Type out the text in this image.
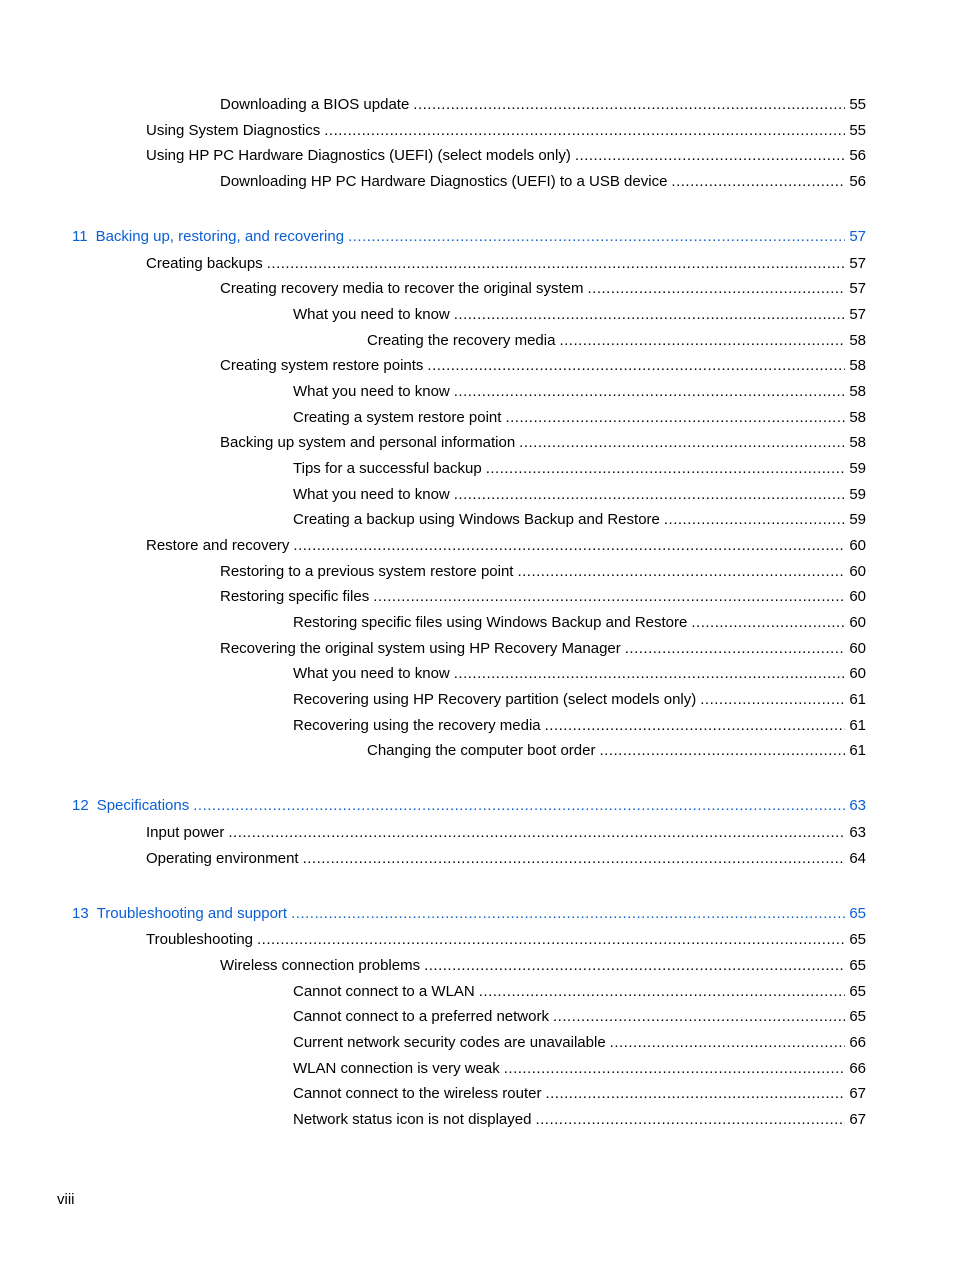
Downloading a BIOS update .....	55
Using System Diagnostics .....	55
Using HP PC Hardware Diagnostics (UEFI) (select models only) .....	56
Downloading HP PC Hardware Diagnostics (UEFI) to a USB device .....	56
11 Backing up, restoring, and recovering .....	57
Creating backups .....	57
Creating recovery media to recover the original system .....	57
What you need to know .....	57
Creating the recovery media .....	58
Creating system restore points .....	58
What you need to know .....	58
Creating a system restore point .....	58
Backing up system and personal information .....	58
Tips for a successful backup .....	59
What you need to know .....	59
Creating a backup using Windows Backup and Restore .....	59
Restore and recovery .....	60
Restoring to a previous system restore point .....	60
Restoring specific files .....	60
Restoring specific files using Windows Backup and Restore .....	60
Recovering the original system using HP Recovery Manager .....	60
What you need to know .....	60
Recovering using HP Recovery partition (select models only) .....	61
Recovering using the recovery media .....	61
Changing the computer boot order .....	61
12 Specifications .....	63
Input power .....	63
Operating environment .....	64
13 Troubleshooting and support .....	65
Troubleshooting .....	65
Wireless connection problems .....	65
Cannot connect to a WLAN .....	65
Cannot connect to a preferred network .....	65
Current network security codes are unavailable .....	66
WLAN connection is very weak .....	66
Cannot connect to the wireless router .....	67
Network status icon is not displayed .....	67
viii
